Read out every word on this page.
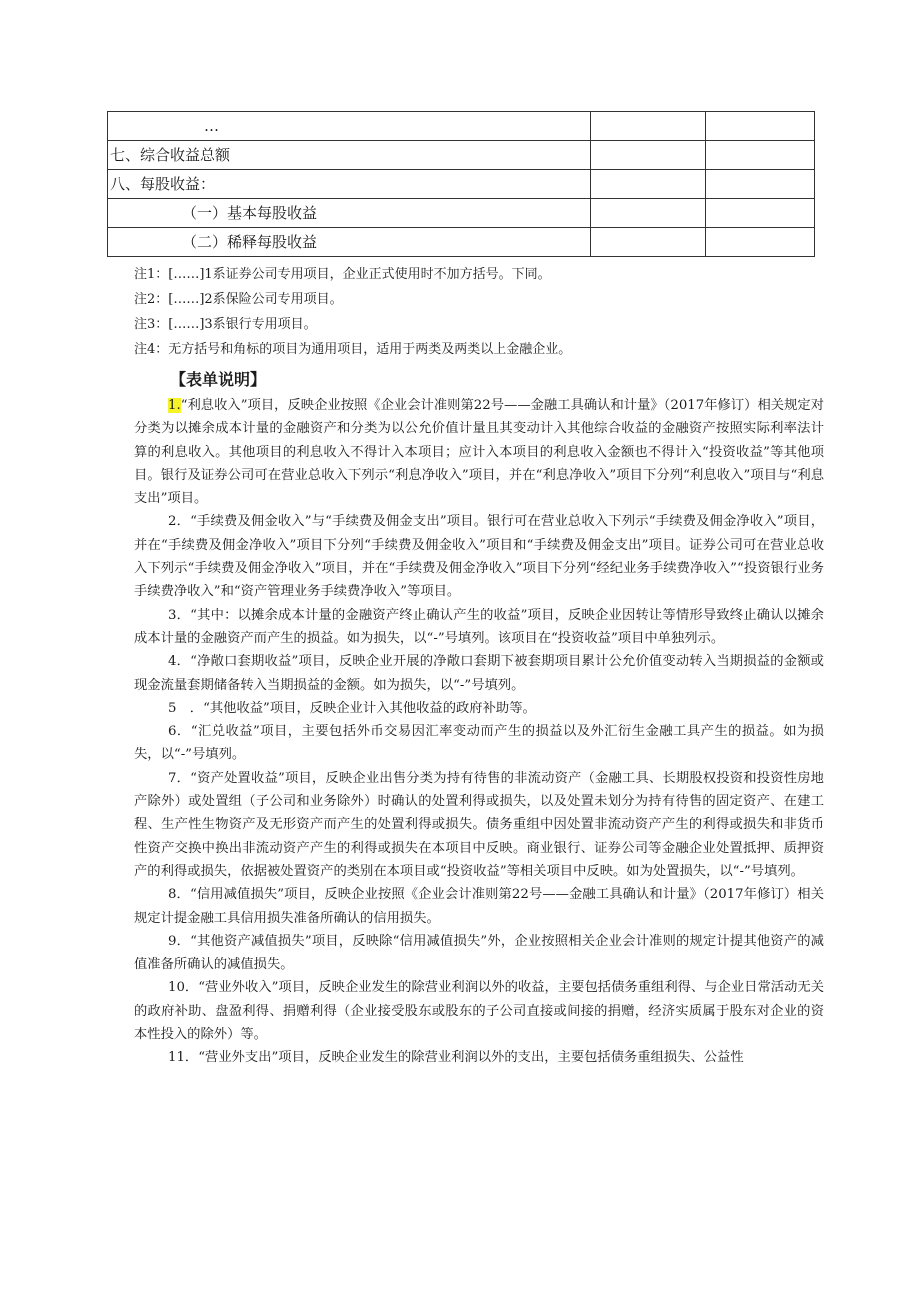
…		
七、综合收益总额		
八、每股收益：		
（一）基本每股收益		
（二）稀释每股收益		
注1：[……]1系证券公司专用项目，企业正式使用时不加方括号。下同。
注2：[……]2系保险公司专用项目。
注3：[……]3系银行专用项目。
注4：无方括号和角标的项目为通用项目，适用于两类及两类以上金融企业。
【表单说明】

1.“利息收入”项目，反映企业按照《企业会计准则第22号——金融工具确认和计量》（2017年修订）相关规定对分类为以摊余成本计量的金融资产和分类为以公允价值计量且其变动计入其他综合收益的金融资产按照实际利率法计算的利息收入。其他项目的利息收入不得计入本项目；应计入本项目的利息收入金额也不得计入“投资收益”等其他项目。银行及证券公司可在营业总收入下列示“利息净收入”项目，并在“利息净收入”项目下分列“利息收入”项目与“利息支出”项目。

2．“手续费及佣金收入”与“手续费及佣金支出”项目。银行可在营业总收入下列示“手续费及佣金净收入”项目，并在“手续费及佣金净收入”项目下分列“手续费及佣金收入”项目和“手续费及佣金支出”项目。证券公司可在营业总收入下列示“手续费及佣金净收入”项目，并在“手续费及佣金净收入”项目下分列“经纪业务手续费净收入”“投资银行业务手续费净收入”和“资产管理业务手续费净收入”等项目。

3．“其中：以摊余成本计量的金融资产终止确认产生的收益”项目，反映企业因转让等情形导致终止确认以摊余成本计量的金融资产而产生的损益。如为损失，以“-”号填列。该项目在“投资收益”项目中单独列示。

4．“净敞口套期收益”项目，反映企业开展的净敞口套期下被套期项目累计公允价值变动转入当期损益的金额或现金流量套期储备转入当期损益的金额。如为损失，以“-”号填列。

5　．“其他收益”项目，反映企业计入其他收益的政府补助等。

6．“汇兑收益”项目，主要包括外币交易因汇率变动而产生的损益以及外汇衍生金融工具产生的损益。如为损失，以“-”号填列。

7．“资产处置收益”项目，反映企业出售分类为持有待售的非流动资产（金融工具、长期股权投资和投资性房地产除外）或处置组（子公司和业务除外）时确认的处置利得或损失，以及处置未划分为持有待售的固定资产、在建工程、生产性生物资产及无形资产而产生的处置利得或损失。债务重组中因处置非流动资产产生的利得或损失和非货币性资产交换中换出非流动资产产生的利得或损失在本项目中反映。商业银行、证券公司等金融企业处置抵押、质押资产的利得或损失，依据被处置资产的类别在本项目或“投资收益”等相关项目中反映。如为处置损失，以“-”号填列。

8．“信用减值损失”项目，反映企业按照《企业会计准则第22号——金融工具确认和计量》（2017年修订）相关规定计提金融工具信用损失准备所确认的信用损失。

9．“其他资产减值损失”项目，反映除“信用减值损失”外，企业按照相关企业会计准则的规定计提其他资产的减值准备所确认的减值损失。

10．“营业外收入”项目，反映企业发生的除营业利润以外的收益，主要包括债务重组利得、与企业日常活动无关的政府补助、盘盈利得、捐赠利得（企业接受股东或股东的子公司直接或间接的捐赠，经济实质属于股东对企业的资本性投入的除外）等。

11．“营业外支出”项目，反映企业发生的除营业利润以外的支出，主要包括债务重组损失、公益性
